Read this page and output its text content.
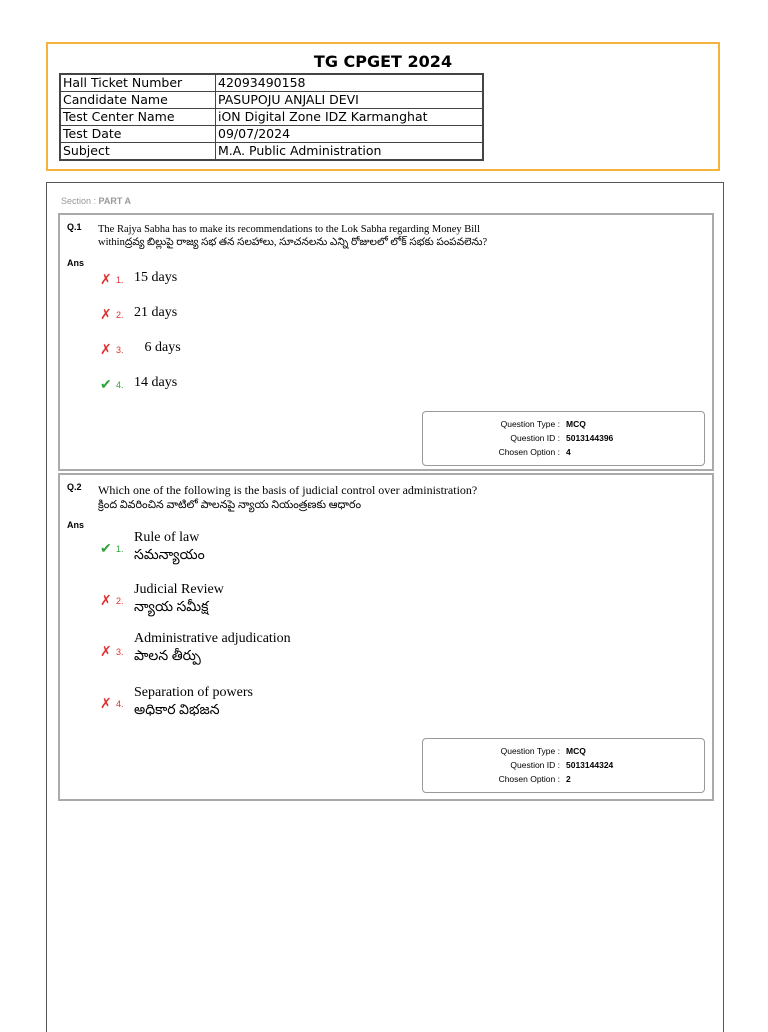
TG CPGET 2024
Hall Ticket Number	42093490158
Candidate Name	PASUPOJU ANJALI DEVI
Test Center Name	iON Digital Zone IDZ Karmanghat
Test Date	09/07/2024
Subject	M.A. Public Administration
Section : PART A
Q.1 The Rajya Sabha has to make its recommendations to the Lok Sabha regarding Money Bill
withinద్రవ్య బిల్లుపై రాజ్య సభ తన సలహాలు, సూచనలను ఎన్ని రోజులలో లోక్ సభకు పంపవలెను?
Ans
✗ 1. 15 days
✗ 2. 21 days
✗ 3. 6 days
✔ 4. 14 days
Question Type : MCQ
Question ID : 5013144396
Chosen Option : 4
Q.2 Which one of the following is the basis of judicial control over administration?
క్రింద వివరించిన వాటిలో పాలనపై న్యాయ నియంత్రణకు ఆధారం
Ans
✔ 1.
Rule of law
సమన్యాయం
✗ 2.
Judicial Review
న్యాయ సమీక్ష
✗ 3.
Administrative adjudication
పాలన తీర్పు
✗ 4.
Separation of powers
అధికార విభజన
Question Type : MCQ
Question ID : 5013144324
Chosen Option : 2
